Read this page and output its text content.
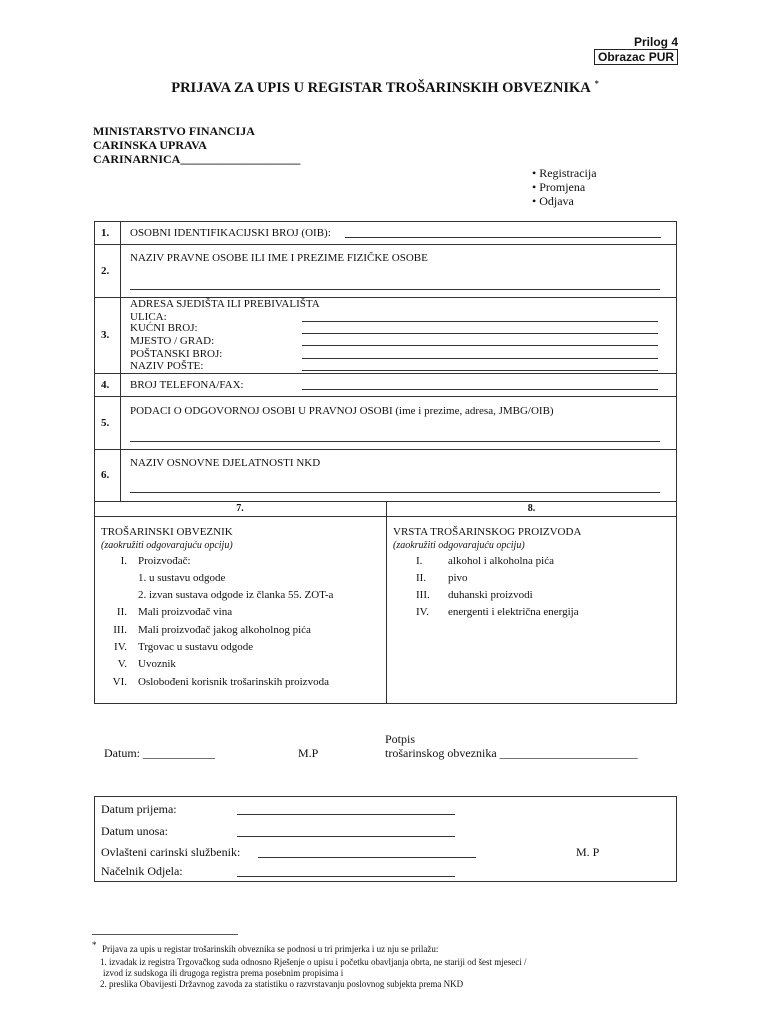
Prilog 4
Obrazac PUR
PRIJAVA ZA UPIS U REGISTAR TROŠARINSKIH OBVEZNIKA *
MINISTARSTVO FINANCIJA
CARINSKA UPRAVA
CARINARNICA____________________
• Registracija
• Promjena
• Odjava
1. OSOBNI IDENTIFIKACIJSKI BROJ (OIB):
2.
NAZIV PRAVNE OSOBE ILI IME I PREZIME FIZIČKE OSOBE
3.
ADRESA SJEDIŠTA ILI PREBIVALIŠTA
ULICA:
KUĆNI BROJ:
MJESTO / GRAD:
POŠTANSKI BROJ:
NAZIV POŠTE:
4. BROJ TELEFONA/FAX:
5.
PODACI O ODGOVORNOJ OSOBI U PRAVNOJ OSOBI (ime i prezime, adresa, JMBG/OIB)
6.
NAZIV OSNOVNE DJELATNOSTI NKD
7.	8.
TROŠARINSKI OBVEZNIK
(zaokružiti odgovarajuću opciju)
I. Proizvođač:
1. u sustavu odgode
2. izvan sustava odgode iz članka 55. ZOT-a
II. Mali proizvođač vina
III. Mali proizvođač jakog alkoholnog pića
IV. Trgovac u sustavu odgode
V. Uvoznik
VI. Oslobođeni korisnik trošarinskih proizvoda
VRSTA TROŠARINSKOG PROIZVODA
(zaokružiti odgovarajuću opciju)
I. alkohol i alkoholna pića
II. pivo
III. duhanski proizvodi
IV. energenti i električna energija
Datum: ____________	M.P
Potpis
trošarinskog obveznika _______________________
Datum prijema:
Datum unosa:
Ovlašteni carinski službenik:	M. P
Načelnik Odjela:
* Prijava za upis u registar trošarinskih obveznika se podnosi u tri primjerka i uz nju se prilažu:
1. izvadak iz registra Trgovačkog suda odnosno Rješenje o upisu i početku obavljanja obrta, ne stariji od šest mjeseci /
izvod iz sudskoga ili drugoga registra prema posebnim propisima i
2. preslika Obavijesti Državnog zavoda za statistiku o razvrstavanju poslovnog subjekta prema NKD
